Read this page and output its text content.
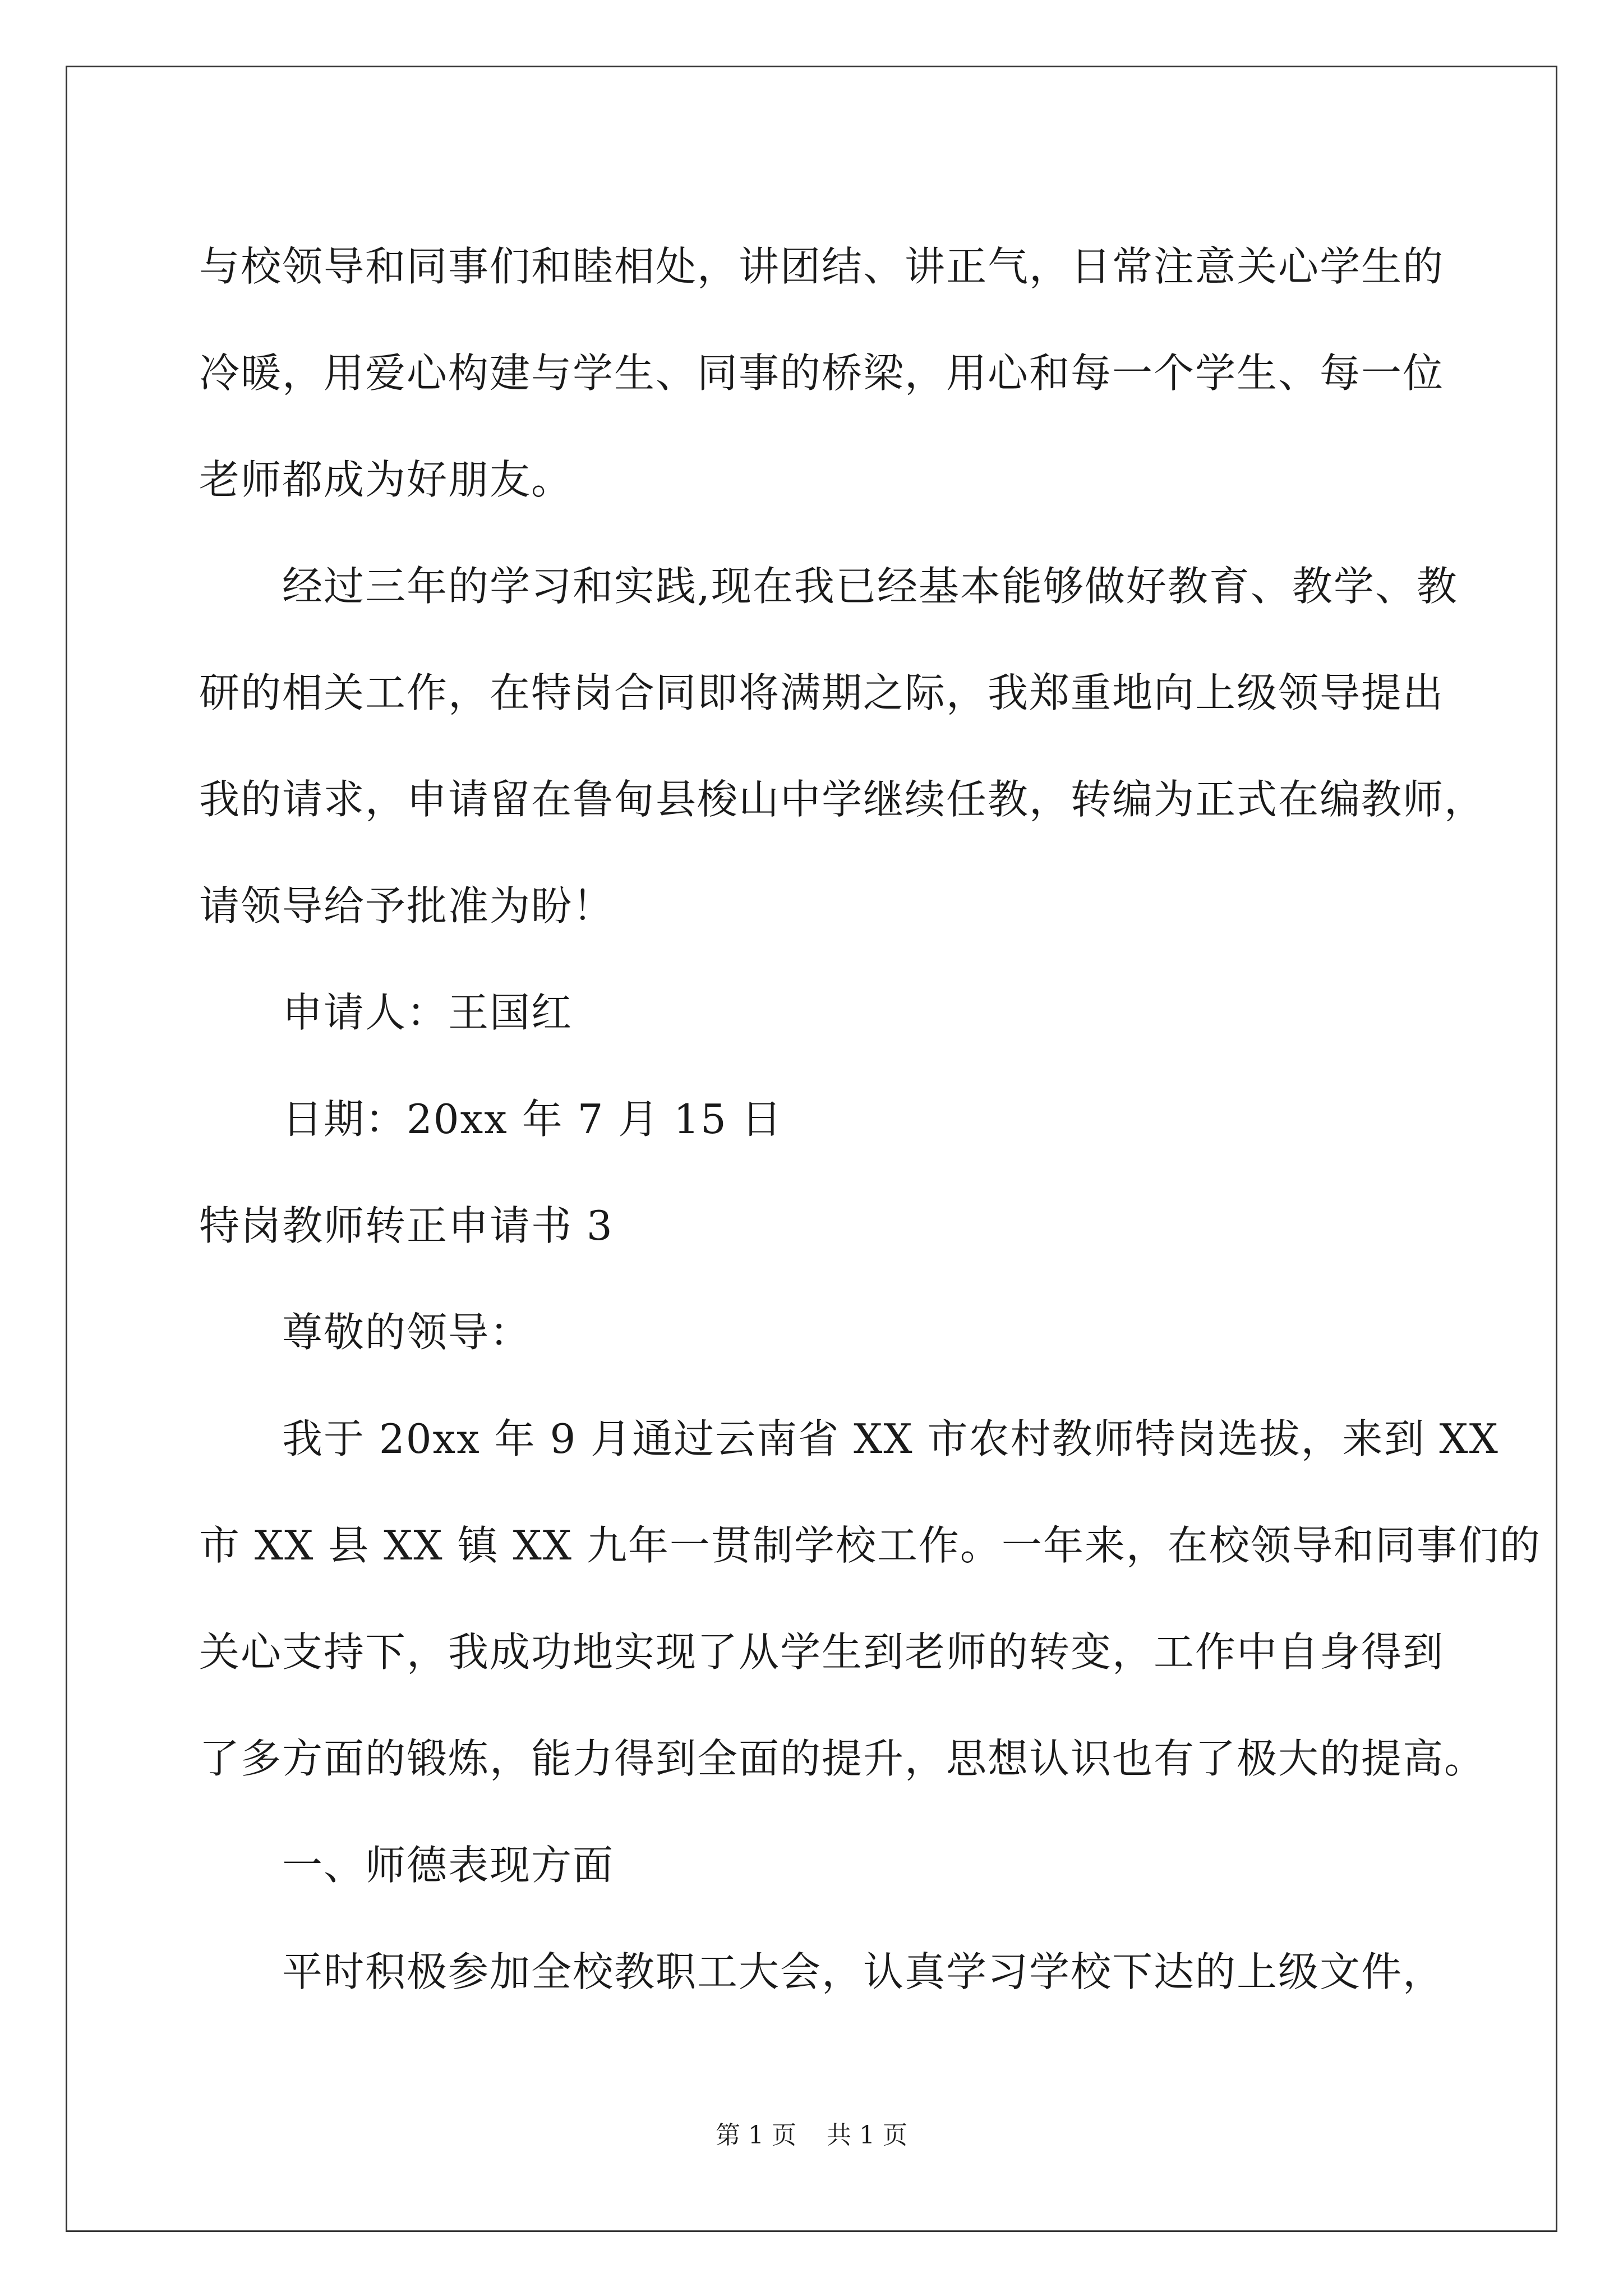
与校领导和同事们和睦相处，讲团结、讲正气，日常注意关心学生的
冷暖，用爱心构建与学生、同事的桥梁，用心和每一个学生、每一位
老师都成为好朋友。
经过三年的学习和实践,现在我已经基本能够做好教育、教学、教
研的相关工作，在特岗合同即将满期之际，我郑重地向上级领导提出
我的请求，申请留在鲁甸县梭山中学继续任教，转编为正式在编教师，
请领导给予批准为盼！
申请人：王国红
日期：20xx 年 7 月 15 日
特岗教师转正申请书 3
尊敬的领导：
我于 20xx 年 9 月通过云南省 XX 市农村教师特岗选拔，来到 XX
市 XX 县 XX 镇 XX 九年一贯制学校工作。一年来，在校领导和同事们的
关心支持下，我成功地实现了从学生到老师的转变，工作中自身得到
了多方面的锻炼，能力得到全面的提升，思想认识也有了极大的提高。
一、师德表现方面
平时积极参加全校教职工大会，认真学习学校下达的上级文件，
第 1 页 共 1 页
